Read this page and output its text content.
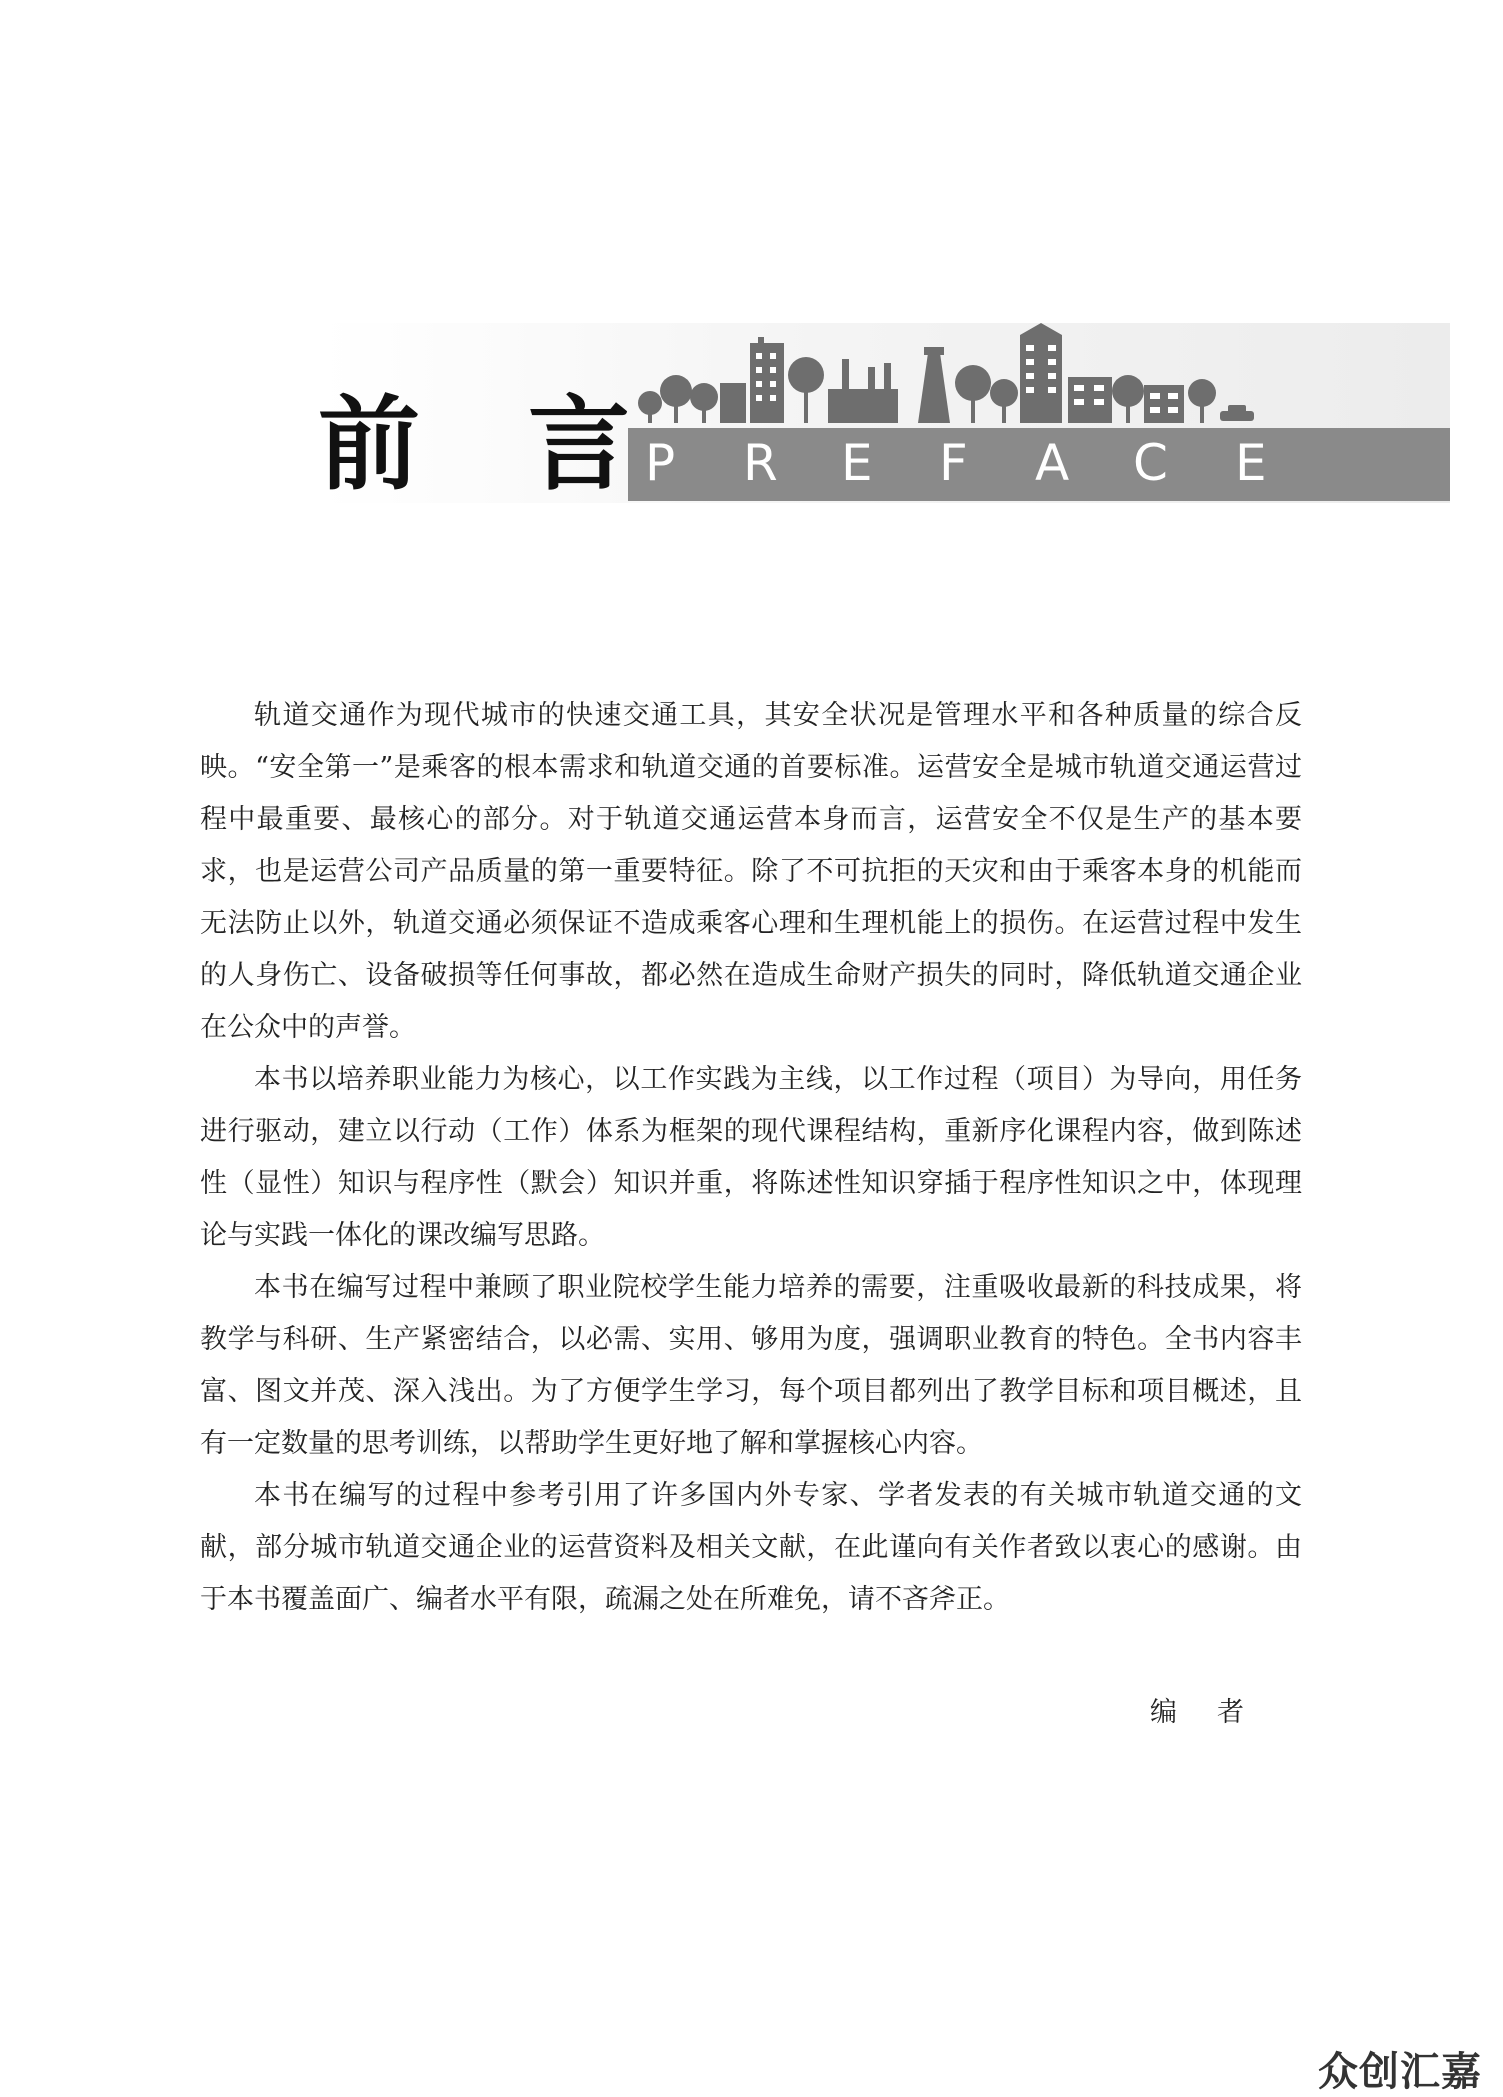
前 言 P R E F A C E

轨道交通作为现代城市的快速交通工具，其安全状况是管理水平和各种质量的综合反映。“安全第一”是乘客的根本需求和轨道交通的首要标准。运营安全是城市轨道交通运营过程中最重要、最核心的部分。对于轨道交通运营本身而言，运营安全不仅是生产的基本要求，也是运营公司产品质量的第一重要特征。除了不可抗拒的天灾和由于乘客本身的机能而无法防止以外，轨道交通必须保证不造成乘客心理和生理机能上的损伤。在运营过程中发生的人身伤亡、设备破损等任何事故，都必然在造成生命财产损失的同时，降低轨道交通企业在公众中的声誉。

本书以培养职业能力为核心，以工作实践为主线，以工作过程（项目）为导向，用任务进行驱动，建立以行动（工作）体系为框架的现代课程结构，重新序化课程内容，做到陈述性（显性）知识与程序性（默会）知识并重，将陈述性知识穿插于程序性知识之中，体现理论与实践一体化的课改编写思路。

本书在编写过程中兼顾了职业院校学生能力培养的需要，注重吸收最新的科技成果，将教学与科研、生产紧密结合，以必需、实用、够用为度，强调职业教育的特色。全书内容丰富、图文并茂、深入浅出。为了方便学生学习，每个项目都列出了教学目标和项目概述，且有一定数量的思考训练，以帮助学生更好地了解和掌握核心内容。

本书在编写的过程中参考引用了许多国内外专家、学者发表的有关城市轨道交通的文献，部分城市轨道交通企业的运营资料及相关文献，在此谨向有关作者致以衷心的感谢。由于本书覆盖面广、编者水平有限，疏漏之处在所难免，请不吝斧正。

编者
众创汇嘉
